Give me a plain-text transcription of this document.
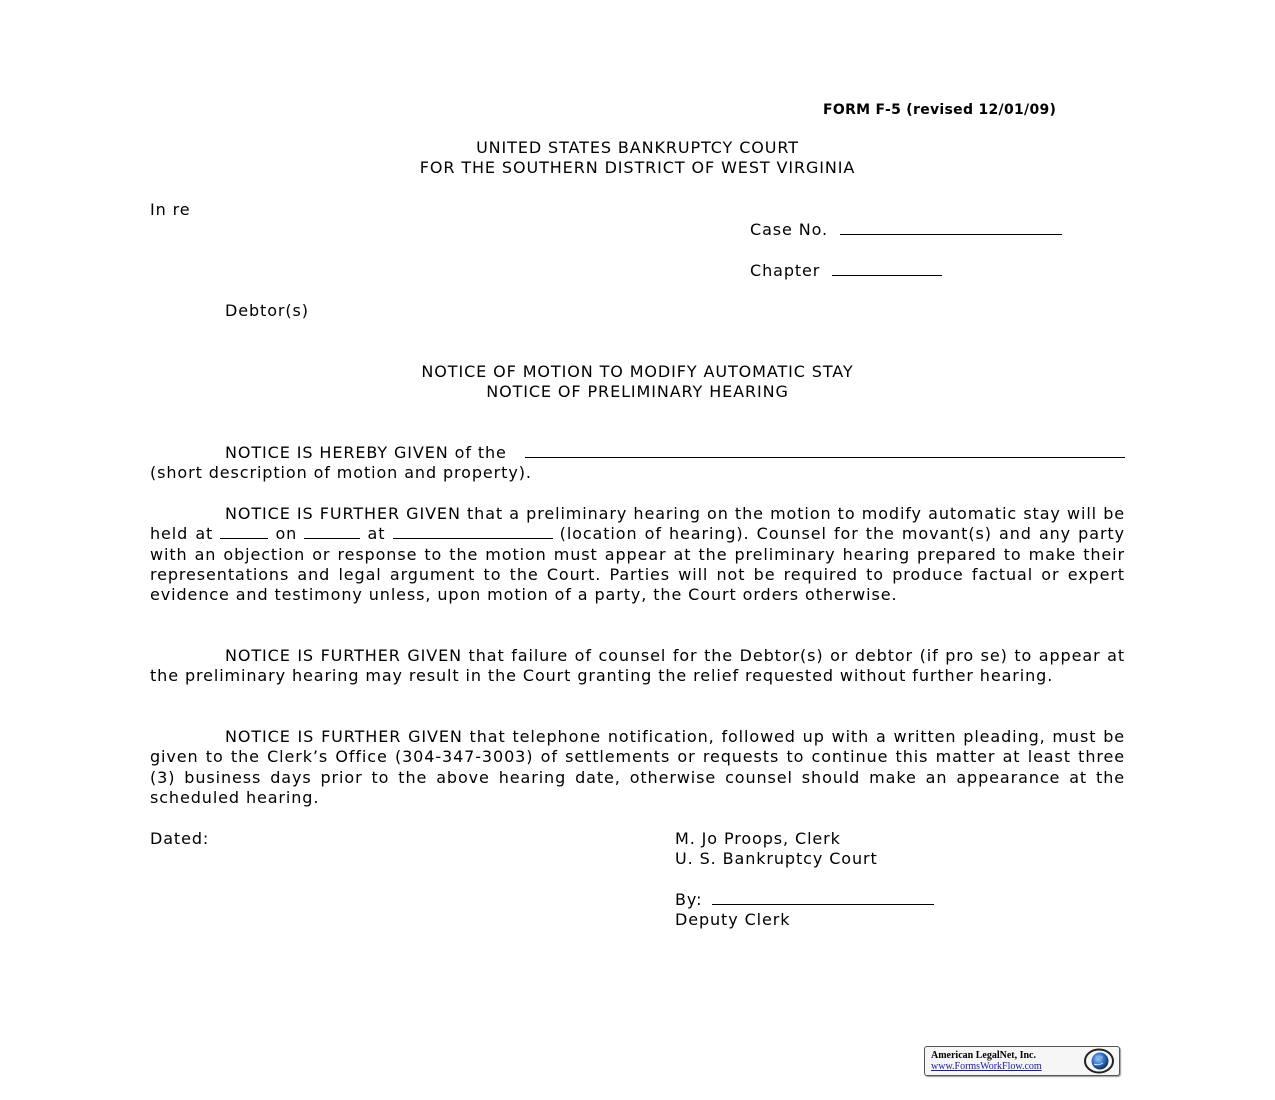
FORM F-5 (revised 12/01/09)
UNITED STATES BANKRUPTCY COURT
FOR THE SOUTHERN DISTRICT OF WEST VIRGINIA
In re
Case No.
Chapter
Debtor(s)
NOTICE OF MOTION TO MODIFY AUTOMATIC STAY
NOTICE OF PRELIMINARY HEARING
NOTICE IS HEREBY GIVEN of the
(short description of motion and property).
NOTICE IS FURTHER GIVEN that a preliminary hearing on the motion to modify automatic stay will be held at	on	at	(location of hearing). Counsel for the movant(s) and any party with an objection or response to the motion must appear at the preliminary hearing prepared to make their representations and legal argument to the Court. Parties will not be required to produce factual or expert evidence and testimony unless, upon motion of a party, the Court orders otherwise.
NOTICE IS FURTHER GIVEN that failure of counsel for the Debtor(s) or debtor (if pro se) to appear at the preliminary hearing may result in the Court granting the relief requested without further hearing.
NOTICE IS FURTHER GIVEN that telephone notification, followed up with a written pleading, must be given to the Clerk’s Office (304-347-3003) of settlements or requests to continue this matter at least three (3) business days prior to the above hearing date, otherwise counsel should make an appearance at the scheduled hearing.
Dated:	M. Jo Proops, Clerk
U. S. Bankruptcy Court
By:
Deputy Clerk
American LegalNet, Inc.
www.FormsWorkFlow.com
